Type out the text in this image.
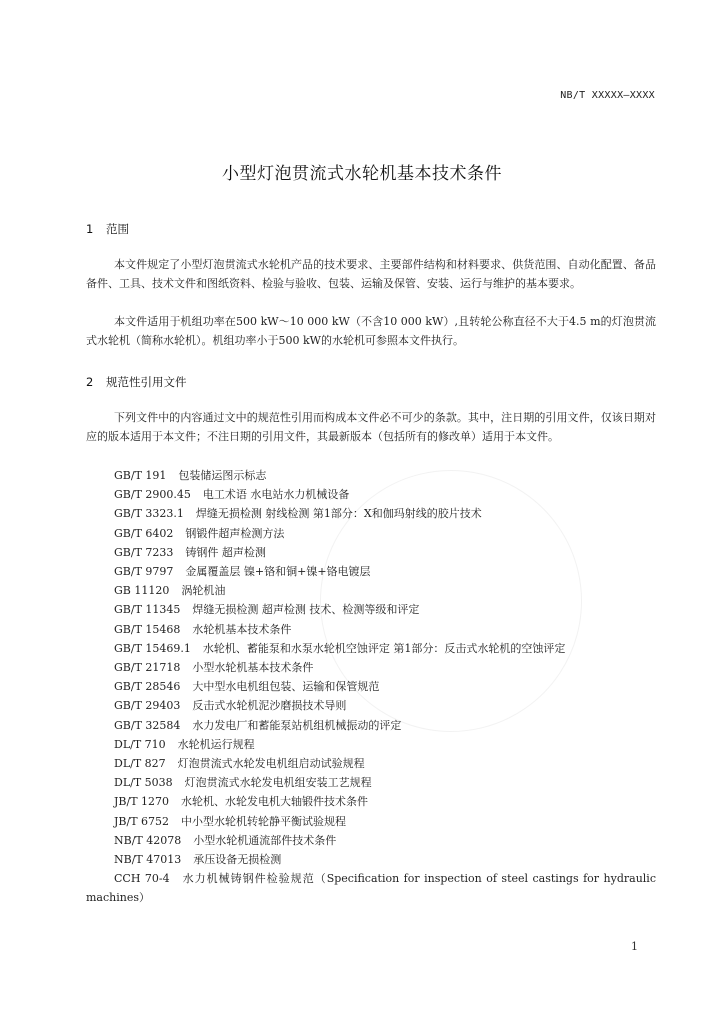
NB/T XXXXX—XXXX
小型灯泡贯流式水轮机基本技术条件
1 范围

本文件规定了小型灯泡贯流式水轮机产品的技术要求、主要部件结构和材料要求、供货范围、自动化配置、备品备件、工具、技术文件和图纸资料、检验与验收、包装、运输及保管、安装、运行与维护的基本要求。

本文件适用于机组功率在500 kW～10 000 kW（不含10 000 kW）,且转轮公称直径不大于4.5 m的灯泡贯流式水轮机（简称水轮机）。机组功率小于500 kW的水轮机可参照本文件执行。

2 规范性引用文件

下列文件中的内容通过文中的规范性引用而构成本文件必不可少的条款。其中，注日期的引用文件，仅该日期对应的版本适用于本文件；不注日期的引用文件，其最新版本（包括所有的修改单）适用于本文件。

GB/T 191 包装储运图示标志
GB/T 2900.45 电工术语 水电站水力机械设备
GB/T 3323.1 焊缝无损检测 射线检测 第1部分：X和伽玛射线的胶片技术
GB/T 6402 钢锻件超声检测方法
GB/T 7233 铸钢件 超声检测
GB/T 9797 金属覆盖层 镍+铬和铜+镍+铬电镀层
GB 11120 涡轮机油
GB/T 11345 焊缝无损检测 超声检测 技术、检测等级和评定
GB/T 15468 水轮机基本技术条件
GB/T 15469.1 水轮机、蓄能泵和水泵水轮机空蚀评定 第1部分：反击式水轮机的空蚀评定
GB/T 21718 小型水轮机基本技术条件
GB/T 28546 大中型水电机组包装、运输和保管规范
GB/T 29403 反击式水轮机泥沙磨损技术导则
GB/T 32584 水力发电厂和蓄能泵站机组机械振动的评定
DL/T 710 水轮机运行规程
DL/T 827 灯泡贯流式水轮发电机组启动试验规程
DL/T 5038 灯泡贯流式水轮发电机组安装工艺规程
JB/T 1270 水轮机、水轮发电机大轴锻件技术条件
JB/T 6752 中小型水轮机转轮静平衡试验规程
NB/T 42078 小型水轮机通流部件技术条件
NB/T 47013 承压设备无损检测
CCH 70-4 水力机械铸钢件检验规范（Specification for inspection of steel castings for hydraulic machines）
1
